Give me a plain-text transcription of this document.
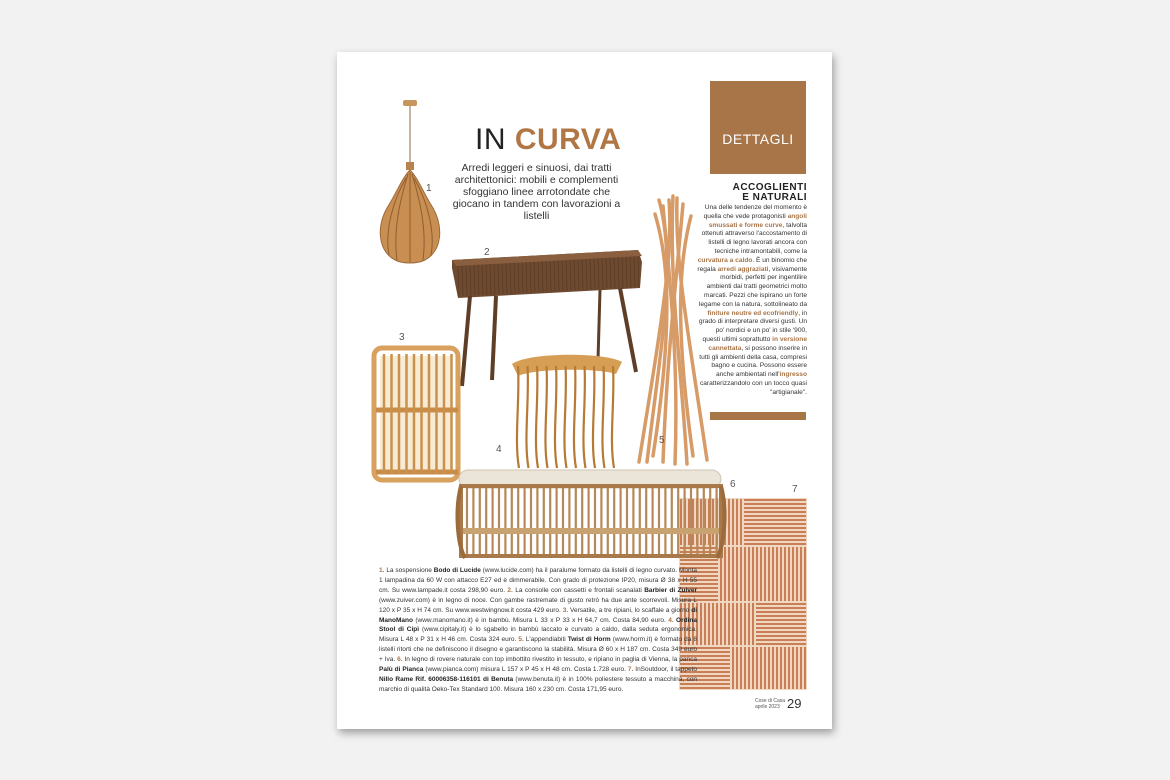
IN CURVA
Arredi leggeri e sinuosi, dai tratti architettonici: mobili e complementi sfoggiano linee arrotondate che giocano in tandem con lavorazioni a listelli
DETTAGLI
ACCOGLIENTI
E NATURALI
Una delle tendenze del momento è quella che vede protagonisti angoli smussati e forme curve, talvolta ottenuti attraverso l'accostamento di listelli di legno lavorati ancora con tecniche intramontabili, come la curvatura a caldo. È un binomio che regala arredi aggraziati, visivamente morbidi, perfetti per ingentilire ambienti dai tratti geometrici molto marcati. Pezzi che ispirano un forte legame con la natura, sottolineato da finiture neutre ed ecofriendly, in grado di interpretare diversi gusti. Un po' nordici e un po' in stile '900, questi ultimi soprattutto in versione cannettata, si possono inserire in tutti gli ambienti della casa, compresi bagno e cucina. Possono essere anche ambientati nell'ingresso caratterizzandolo con un tocco quasi "artigianale".
1
2
3
4
5
7
6
1. La sospensione Bodo di Lucide (www.lucide.com) ha il paralume formato da listelli di legno curvato. Monta 1 lampadina da 60 W con attacco E27 ed è dimmerabile. Con grado di protezione IP20, misura Ø 38 x H 55 cm. Su www.lampade.it costa 298,90 euro. 2. La consolle con cassetti e frontali scanalati Barbier di Zuiver (www.zuiver.com) è in legno di noce. Con gambe rastremate di gusto retrò ha due ante scorrevoli. Misura L 120 x P 35 x H 74 cm. Su www.westwingnow.it costa 429 euro. 3. Versatile, a tre ripiani, lo scaffale a giorno di ManoMano (www.manomano.it) è in bambù. Misura L 33 x P 33 x H 64,7 cm. Costa 84,90 euro. 4. Ordina Stool di Cipì (www.cipitaly.it) è lo sgabello in bambù laccato e curvato a caldo, dalla seduta ergonomica. Misura L 48 x P 31 x H 46 cm. Costa 324 euro. 5. L'appendiabiti Twist di Horm (www.horm.it) è formato da 8 listelli ritorti che ne definiscono il disegno e garantiscono la stabilità. Misura Ø 60 x H 187 cm. Costa 349 euro + Iva. 6. In legno di rovere naturale con top imbottito rivestito in tessuto, e ripiano in paglia di Vienna, la panca Palù di Pianca (www.pianca.com) misura L 157 x P 45 x H 48 cm. Costa 1.728 euro. 7. InSoutdoor, il tappeto Nillo Rame Rif. 60006358-116101 di Benuta (www.benuta.it) è in 100% poliestere tessuto a macchina, con marchio di qualità Oeko-Tex Standard 100. Misura 160 x 230 cm. Costa 171,95 euro.
Cose di Casa
aprile 2023 29
